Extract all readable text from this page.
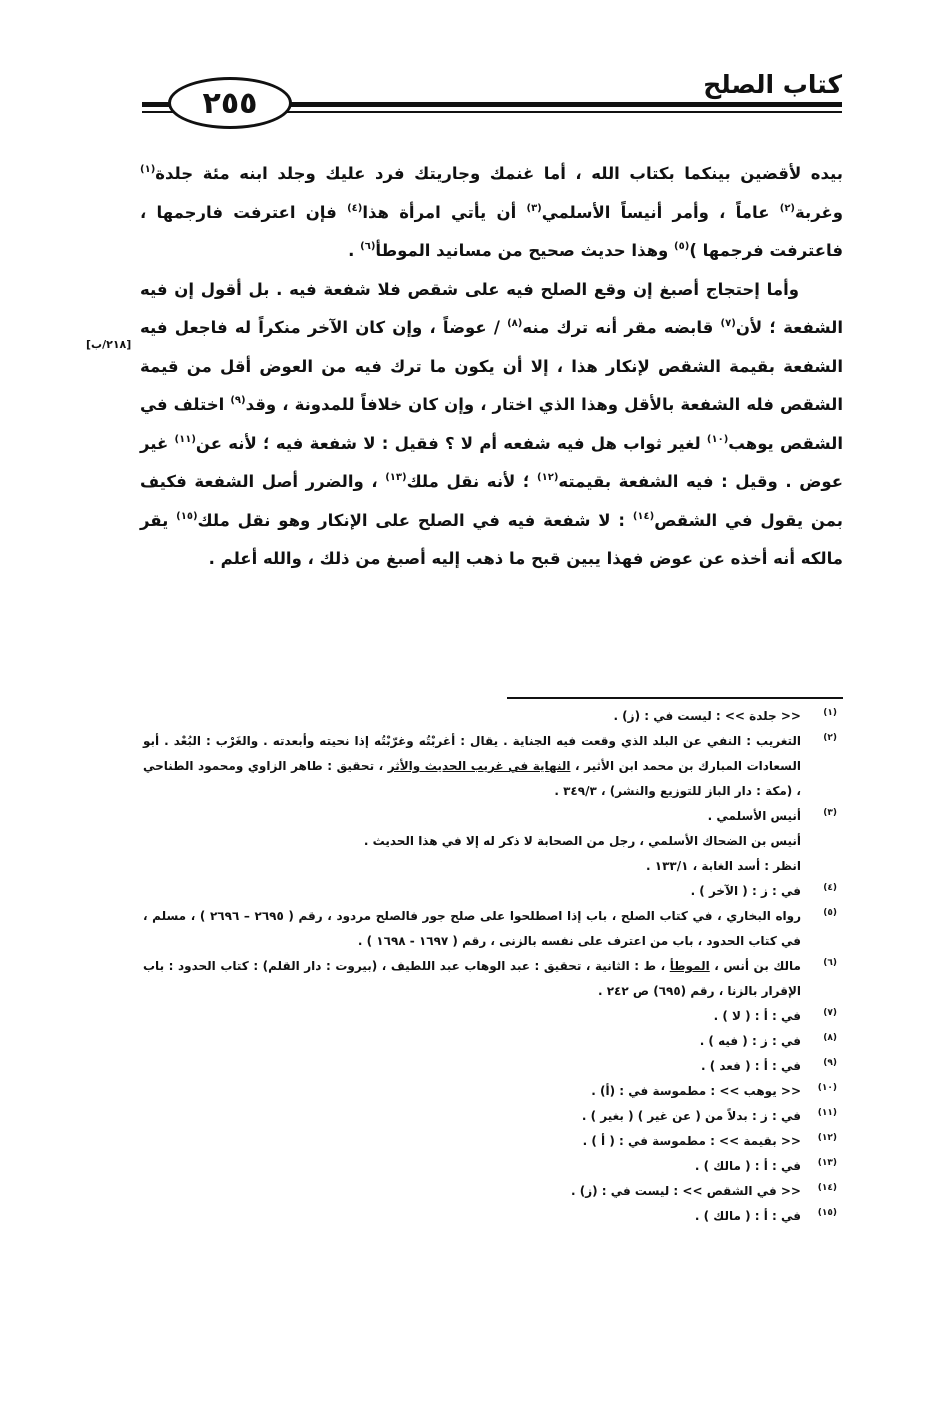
كتاب الصلح
٢٥٥
[٢١٨/ب]

بيده لأقضين بينكما بكتاب الله ، أما غنمك وجاريتك فرد عليك وجلد ابنه مئة جلدة$^{(١)}$ وغربة$^{(٢)}$ عاماً ، وأمر أنيساً الأسلمي$^{(٣)}$ أن يأتي امرأة هذا$^{(٤)}$ فإن اعترفت فارجمها ، فاعترفت فرجمها )$^{(٥)}$ وهذا حديث صحيح من مسانيد الموطأ$^{(٦)}$ .

وأما إحتجاج أصبغ إن وقع الصلح فيه على شقص فلا شفعة فيه . بل أقول إن فيه الشفعة ؛ لأن$^{(٧)}$ قابضه مقر أنه ترك منه$^{(٨)}$ / عوضاً ، وإن كان الآخر منكراً له فاجعل فيه الشفعة بقيمة الشقص لإنكار هذا ، إلا أن يكون ما ترك فيه من العوض أقل من قيمة الشقص فله الشفعة بالأقل وهذا الذي اختار ، وإن كان خلافاً للمدونة ، وقد$^{(٩)}$ اختلف في الشقص يوهب$^{(١٠)}$ لغير ثواب هل فيه شفعه أم لا ؟ فقيل : لا شفعة فيه ؛ لأنه عن$^{(١١)}$ غير عوض . وقيل : فيه الشفعة بقيمته$^{(١٢)}$ ؛ لأنه نقل ملك$^{(١٣)}$ ، والضرر أصل الشفعة فكيف بمن يقول في الشقص$^{(١٤)}$ : لا شفعة فيه في الصلح على الإنكار وهو نقل ملك$^{(١٥)}$ يقر مالكه أنه أخذه عن عوض فهذا يبين قبح ما ذهب إليه أصبغ من ذلك ، والله أعلم .

(١)
<< جلدة >> : ليست في : (ز) .
(٢)
التغريب : النفي عن البلد الذي وقعت فيه الجناية . يقال : أغربْتُه وغرّبْتُه إذا نحيته وأبعدته . والغَرْب : البُعْد . أبو السعادات المبارك بن محمد ابن الأثير ، النهاية في غريب الحديث والأثر ، تحقيق : طاهر الزاوي ومحمود الطناحي ، (مكة : دار الباز للتوزيع والنشر) ، ٣٤٩/٣ .
(٣)
أنيس الأسلمي .
أنيس بن الضحاك الأسلمي ، رجل من الصحابة لا ذكر له إلا في هذا الحديث .
انظر : أسد الغابة ، ١٣٣/١ .
(٤)
في : ز : ( الآخر ) .
(٥)
رواه البخاري ، في كتاب الصلح ، باب إذا اصطلحوا على صلح جور فالصلح مردود ، رقم ( ٢٦٩٥ – ٢٦٩٦ ) ، مسلم ، في كتاب الحدود ، باب من اعترف على نفسه بالزنى ، رقم ( ١٦٩٧ - ١٦٩٨ ) .
(٦)
مالك بن أنس ، الموطأ ، ط : الثانية ، تحقيق : عبد الوهاب عبد اللطيف ، (بيروت : دار القلم) : كتاب الحدود : باب الإقرار بالزنا ، رقم (٦٩٥) ص ٢٤٢ .
(٧)
في : أ : ( لا ) .
(٨)
في : ز : ( فيه ) .
(٩)
في : أ : ( فعد ) .
(١٠)
<< يوهب >> : مطموسة في : (أ) .
(١١)
في : ز : بدلاً من ( عن غير ) ( بغير ) .
(١٢)
<< بقيمة >> : مطموسة في : ( أ ) .
(١٣)
في : أ : ( مالك ) .
(١٤)
<< في الشقص >> : ليست في : (ز) .
(١٥)
في : أ : ( مالك ) .
